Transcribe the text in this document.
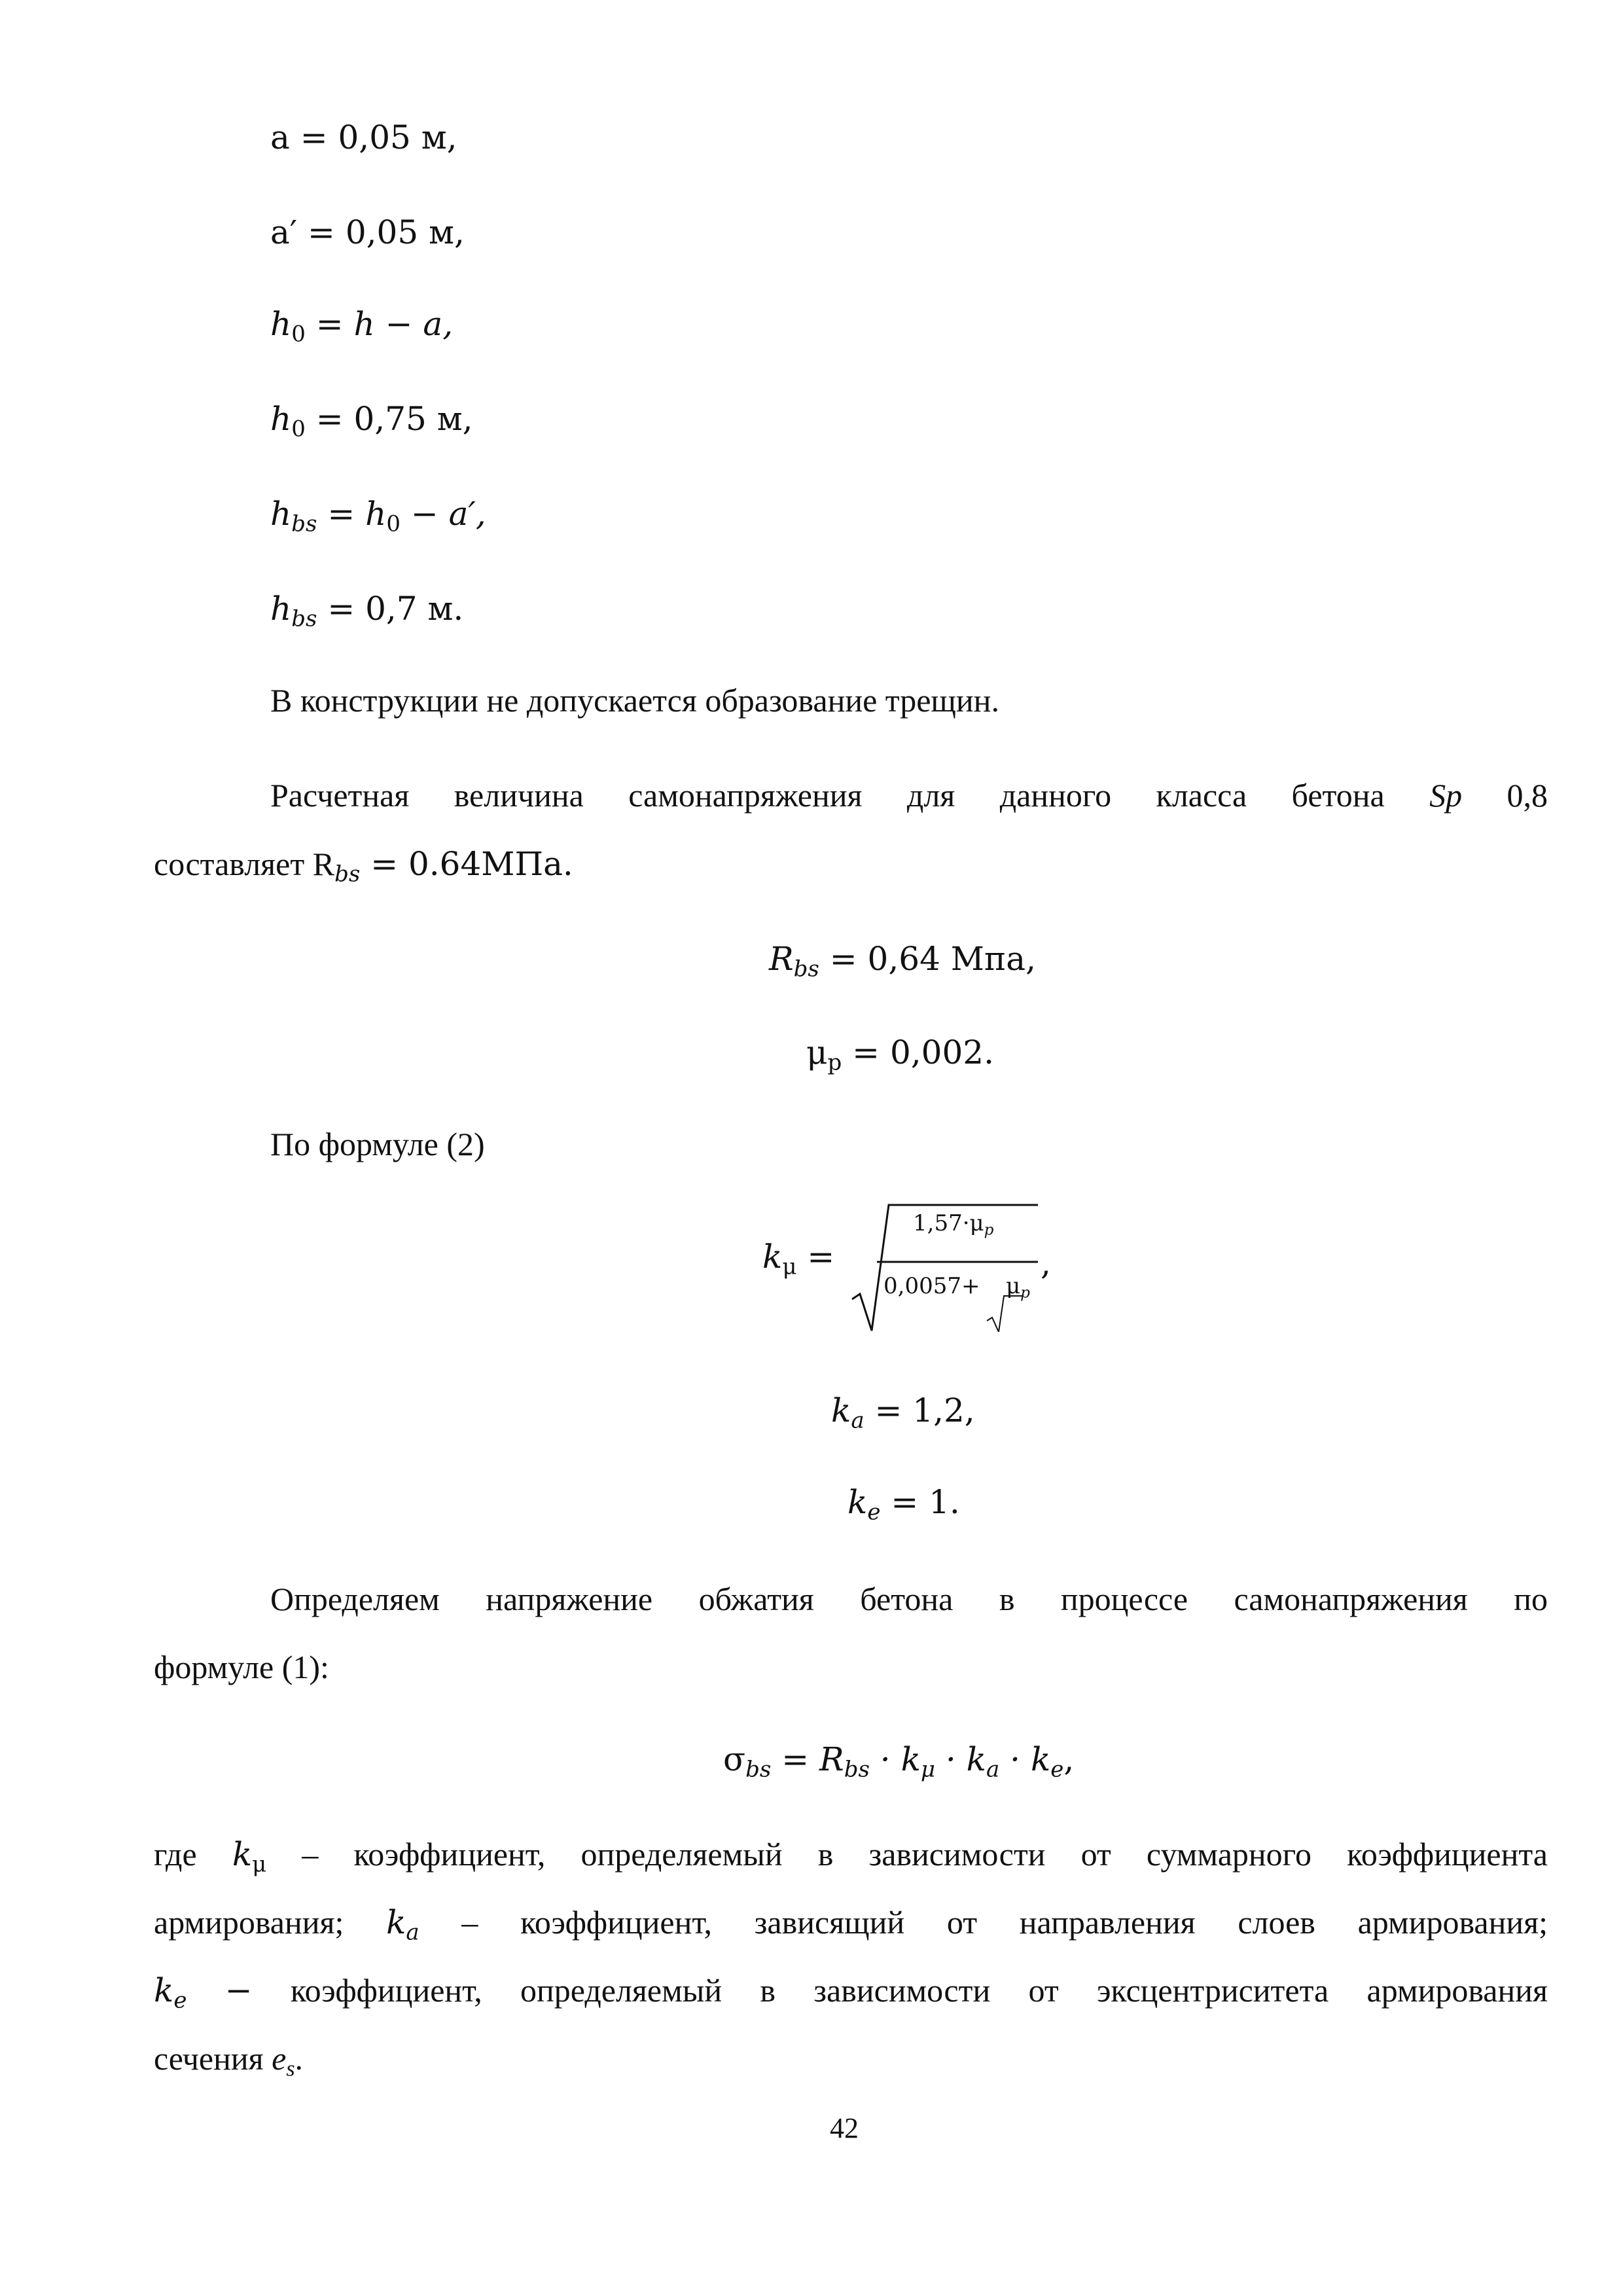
a = 0,05 м,
a′ = 0,05 м,
$h_0 = h - a$,
$h_0 = 0,75$ м,
$h_{bs} = h_0 - a'$,
$h_{bs} = 0,7$ м.
В конструкции не допускается образование трещин.
Расчетная величина самонапряжения для данного класса бетона Sp 0,8
составляет $R_{bs} = 0.64МПа$.
$R_{bs} = 0,64$ Мпа,
$\mu_p = 0,002$.
По формуле (2)
$k_\mu$ =
$1,57\cdot\mu_p$
$0,0057+ \mu_p$
,
$k_a = 1,2$,
$k_e = 1$.
Определяем напряжение обжатия бетона в процессе самонапряжения по
формуле (1):
$\sigma_{bs} = R_{bs} \cdot k_\mu \cdot k_a \cdot k_e$,
где $k_\mu$ – коэффициент, определяемый в зависимости от суммарного коэффициента
армирования; $k_a$ – коэффициент, зависящий от направления слоев армирования;
$k_e$ − коэффициент, определяемый в зависимости от эксцентриситета армирования
сечения $e_s$.
42
